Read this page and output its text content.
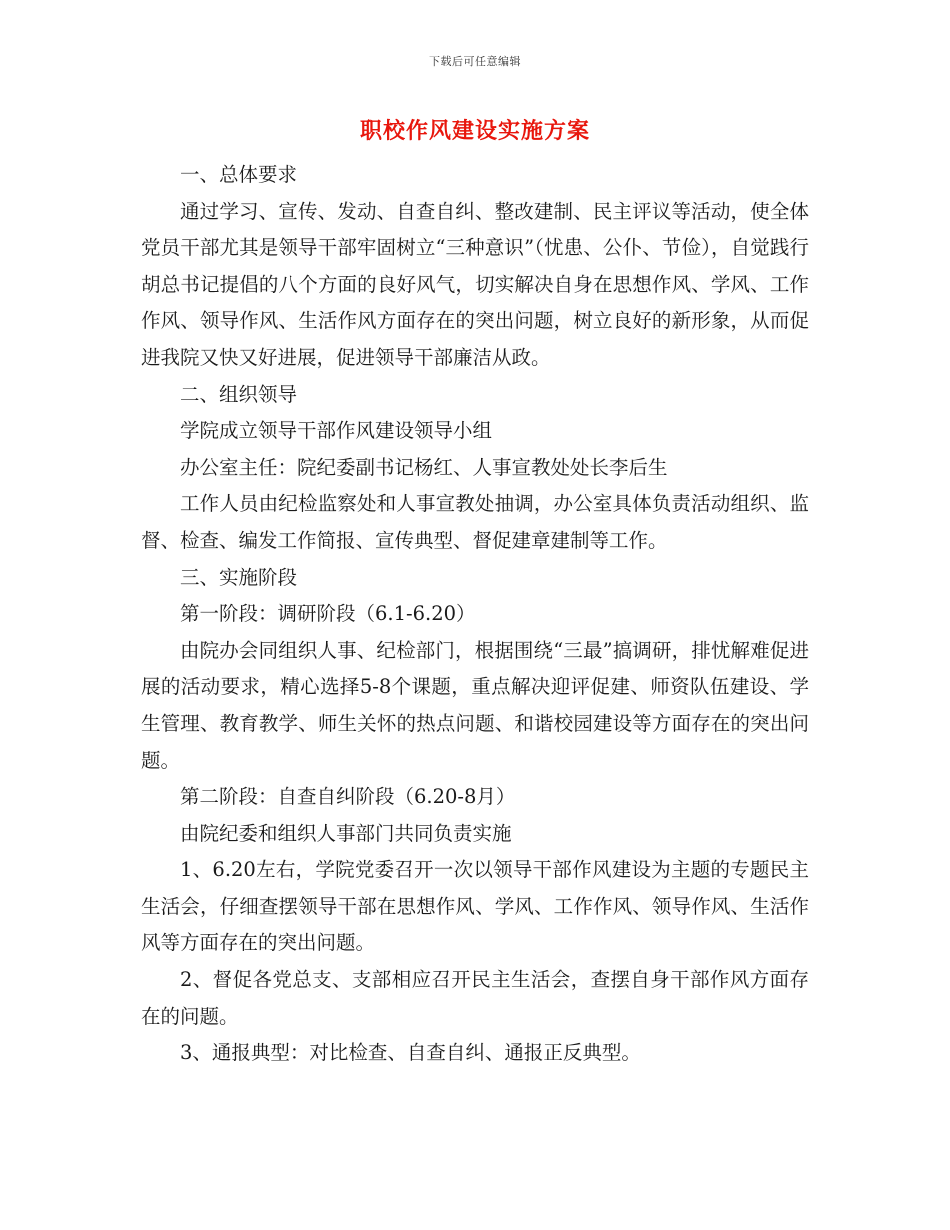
下载后可任意编辑
职校作风建设实施方案

一、总体要求

通过学习、宣传、发动、自查自纠、整改建制、民主评议等活动，使全体党员干部尤其是领导干部牢固树立“三种意识”（忧患、公仆、节俭），自觉践行胡总书记提倡的八个方面的良好风气，切实解决自身在思想作风、学风、工作作风、领导作风、生活作风方面存在的突出问题，树立良好的新形象，从而促进我院又快又好进展，促进领导干部廉洁从政。

二、组织领导

学院成立领导干部作风建设领导小组

办公室主任：院纪委副书记杨红、人事宣教处处长李后生

工作人员由纪检监察处和人事宣教处抽调，办公室具体负责活动组织、监督、检查、编发工作简报、宣传典型、督促建章建制等工作。

三、实施阶段

第一阶段：调研阶段（6.1-6.20）

由院办会同组织人事、纪检部门，根据围绕“三最”搞调研，排忧解难促进展的活动要求，精心选择5-8个课题，重点解决迎评促建、师资队伍建设、学生管理、教育教学、师生关怀的热点问题、和谐校园建设等方面存在的突出问题。

第二阶段：自查自纠阶段（6.20-8月）

由院纪委和组织人事部门共同负责实施

1、6.20左右，学院党委召开一次以领导干部作风建设为主题的专题民主生活会，仔细查摆领导干部在思想作风、学风、工作作风、领导作风、生活作风等方面存在的突出问题。

2、督促各党总支、支部相应召开民主生活会，查摆自身干部作风方面存在的问题。

3、通报典型：对比检查、自查自纠、通报正反典型。
